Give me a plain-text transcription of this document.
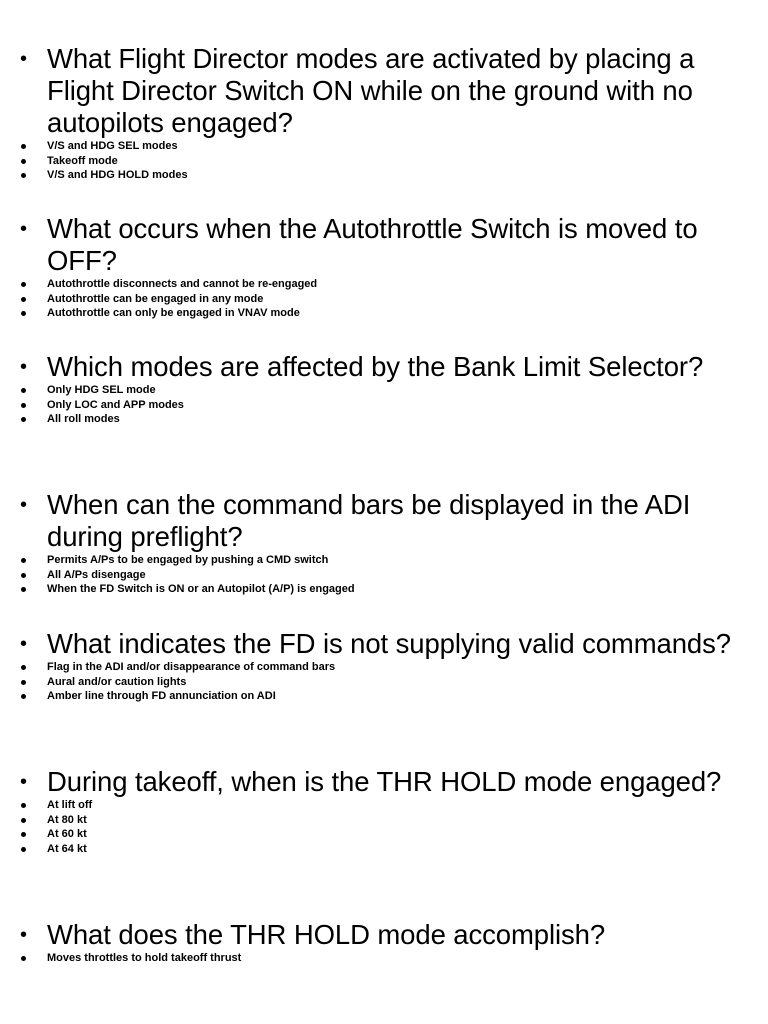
• What Flight Director modes are activated by placing a Flight Director Switch ON while on the ground with no autopilots engaged?
V/S and HDG SEL modes
Takeoff mode
V/S and HDG HOLD modes
• What occurs when the Autothrottle Switch is moved to OFF?
Autothrottle disconnects and cannot be re-engaged
Autothrottle can be engaged in any mode
Autothrottle can only be engaged in VNAV mode
• Which modes are affected by the Bank Limit Selector?
Only HDG SEL mode
Only LOC and APP modes
All roll modes
• When can the command bars be displayed in the ADI during preflight?
Permits A/Ps to be engaged by pushing a CMD switch
All A/Ps disengage
When the FD Switch is ON or an Autopilot (A/P) is engaged
• What indicates the FD is not supplying valid commands?
Flag in the ADI and/or disappearance of command bars
Aural and/or caution lights
Amber line through FD annunciation on ADI
• During takeoff, when is the THR HOLD mode engaged?
At lift off
At 80 kt
At 60 kt
At 64 kt
• What does the THR HOLD mode accomplish?
Moves throttles to hold takeoff thrust
